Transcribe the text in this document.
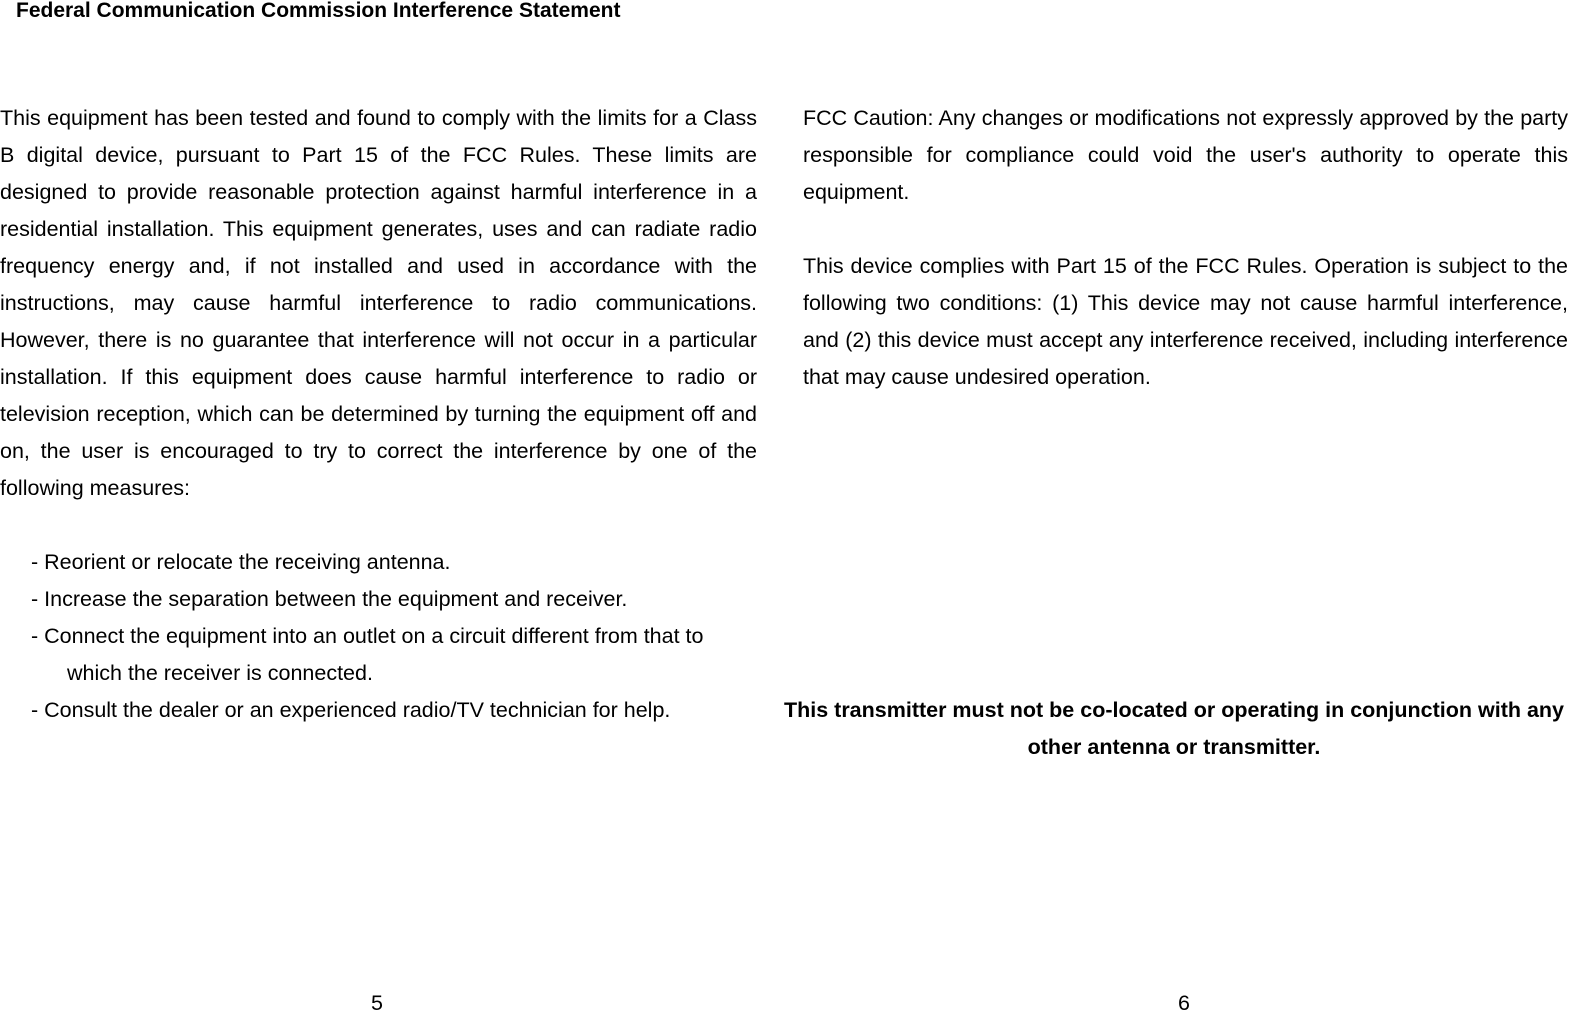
Federal Communication Commission Interference Statement

This equipment has been tested and found to comply with the limits for a Class B digital device, pursuant to Part 15 of the FCC Rules. These limits are designed to provide reasonable protection against harmful interference in a residential installation. This equipment generates, uses and can radiate radio frequency energy and, if not installed and used in accordance with the instructions, may cause harmful interference to radio communications. However, there is no guarantee that interference will not occur in a particular installation. If this equipment does cause harmful interference to radio or television reception, which can be determined by turning the equipment off and on, the user is encouraged to try to correct the interference by one of the following measures:

- Reorient or relocate the receiving antenna.
- Increase the separation between the equipment and receiver.
- Connect the equipment into an outlet on a circuit different from that to which the receiver is connected.
- Consult the dealer or an experienced radio/TV technician for help.

FCC Caution: Any changes or modifications not expressly approved by the party responsible for compliance could void the user's authority to operate this equipment.

This device complies with Part 15 of the FCC Rules. Operation is subject to the following two conditions: (1) This device may not cause harmful interference, and (2) this device must accept any interference received, including interference that may cause undesired operation.

This transmitter must not be co-located or operating in conjunction with any other antenna or transmitter.
5	6
